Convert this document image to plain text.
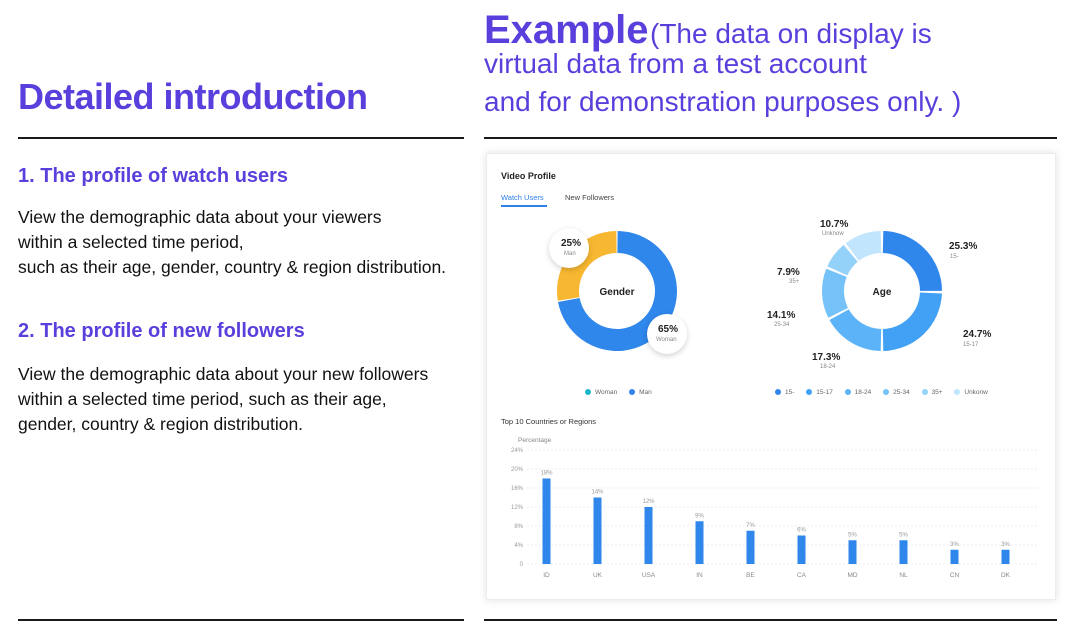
Detailed introduction
1. The profile of watch users
View the demographic data about your viewers
within a selected time period,
such as their age, gender, country & region distribution.
2. The profile of new followers
View the demographic data about your new followers
within a selected time period, such as their age,
gender, country & region distribution.
Example (The data on display is
virtual data from a test account
and for demonstration purposes only. )
Video Profile
Watch Users	New Followers
Gender
25%
Man
65%
Woman
Age
10.7%
Unknow
25.3%
15-
7.9%
35+
14.1%
25-34
24.7%
15-17
17.3%
18-24
Woman	Man	15-	15-17	18-24	25-34	35+	Unkonw
Top 10 Countries or Regions
Percentage
0
4%
8%
12%
16%
20%
24%
18%
ID
14%
UK
12%
USA
9%
IN
7%
BE
6%
CA
5%
MD
5%
NL
3%
CN
3%
DK
